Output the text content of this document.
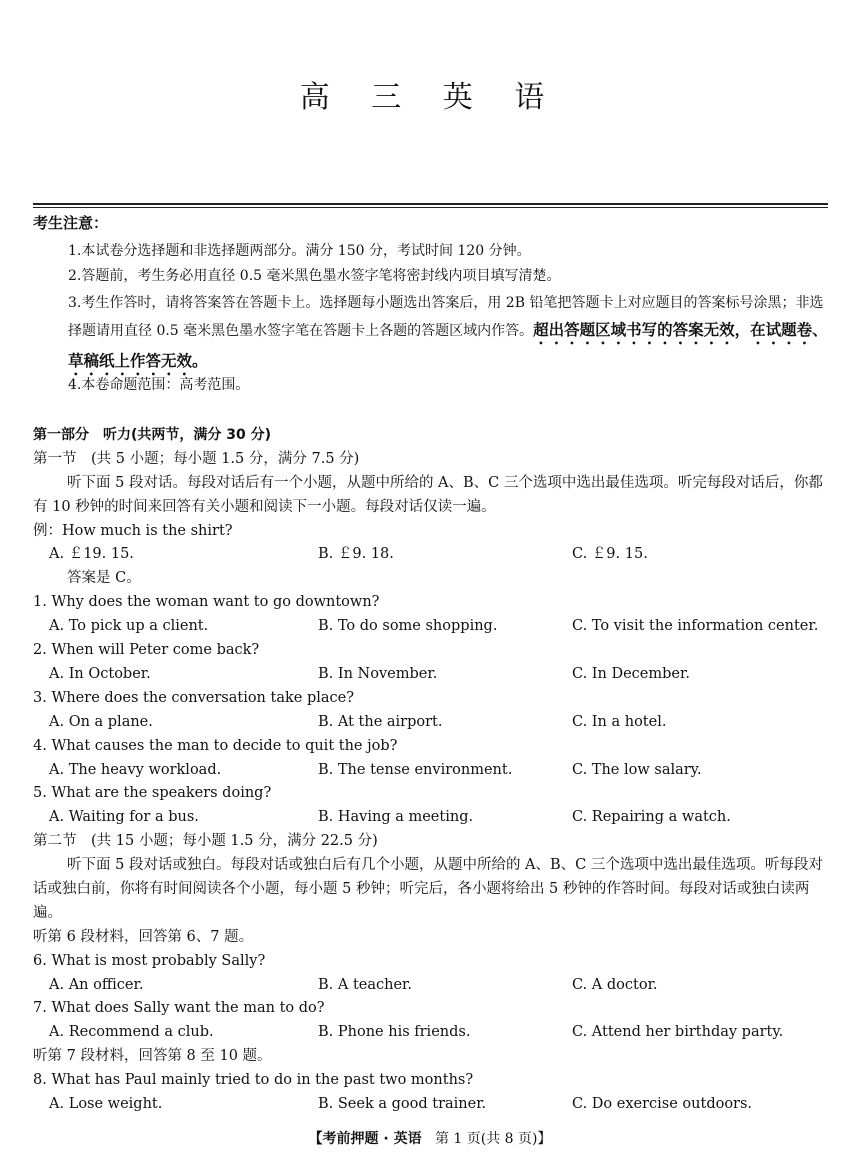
高 三 英 语
考生注意：
1.本试卷分选择题和非选择题两部分。满分 150 分，考试时间 120 分钟。
2.答题前，考生务必用直径 0.5 毫米黑色墨水签字笔将密封线内项目填写清楚。
3.考生作答时，请将答案答在答题卡上。选择题每小题选出答案后，用 2B 铅笔把答题卡上对应题目的答案标号涂黑；非选择题请用直径 0.5 毫米黑色墨水签字笔在答题卡上各题的答题区域内作答。超出答题区域书写的答案无效，在试题卷、草稿纸上作答无效。
4.本卷命题范围：高考范围。
第一部分　听力(共两节，满分 30 分)
第一节　(共 5 小题；每小题 1.5 分，满分 7.5 分)
听下面 5 段对话。每段对话后有一个小题，从题中所给的 A、B、C 三个选项中选出最佳选项。听完每段对话后，你都有 10 秒钟的时间来回答有关小题和阅读下一小题。每段对话仅读一遍。
例：How much is the shirt?
A. ￡19. 15.	B. ￡9. 18.	C. ￡9. 15.
答案是 C。
1. Why does the woman want to go downtown?
A. To pick up a client.	B. To do some shopping.	C. To visit the information center.
2. When will Peter come back?
A. In October.	B. In November.	C. In December.
3. Where does the conversation take place?
A. On a plane.	B. At the airport.	C. In a hotel.
4. What causes the man to decide to quit the job?
A. The heavy workload.	B. The tense environment.	C. The low salary.
5. What are the speakers doing?
A. Waiting for a bus.	B. Having a meeting.	C. Repairing a watch.
第二节　(共 15 小题；每小题 1.5 分，满分 22.5 分)
听下面 5 段对话或独白。每段对话或独白后有几个小题，从题中所给的 A、B、C 三个选项中选出最佳选项。听每段对话或独白前，你将有时间阅读各个小题，每小题 5 秒钟；听完后，各小题将给出 5 秒钟的作答时间。每段对话或独白读两遍。
听第 6 段材料，回答第 6、7 题。
6. What is most probably Sally?
A. An officer.	B. A teacher.	C. A doctor.
7. What does Sally want the man to do?
A. Recommend a club.	B. Phone his friends.	C. Attend her birthday party.
听第 7 段材料，回答第 8 至 10 题。
8. What has Paul mainly tried to do in the past two months?
A. Lose weight.	B. Seek a good trainer.	C. Do exercise outdoors.
【考前押题 · 英语 第 1 页(共 8 页)】
